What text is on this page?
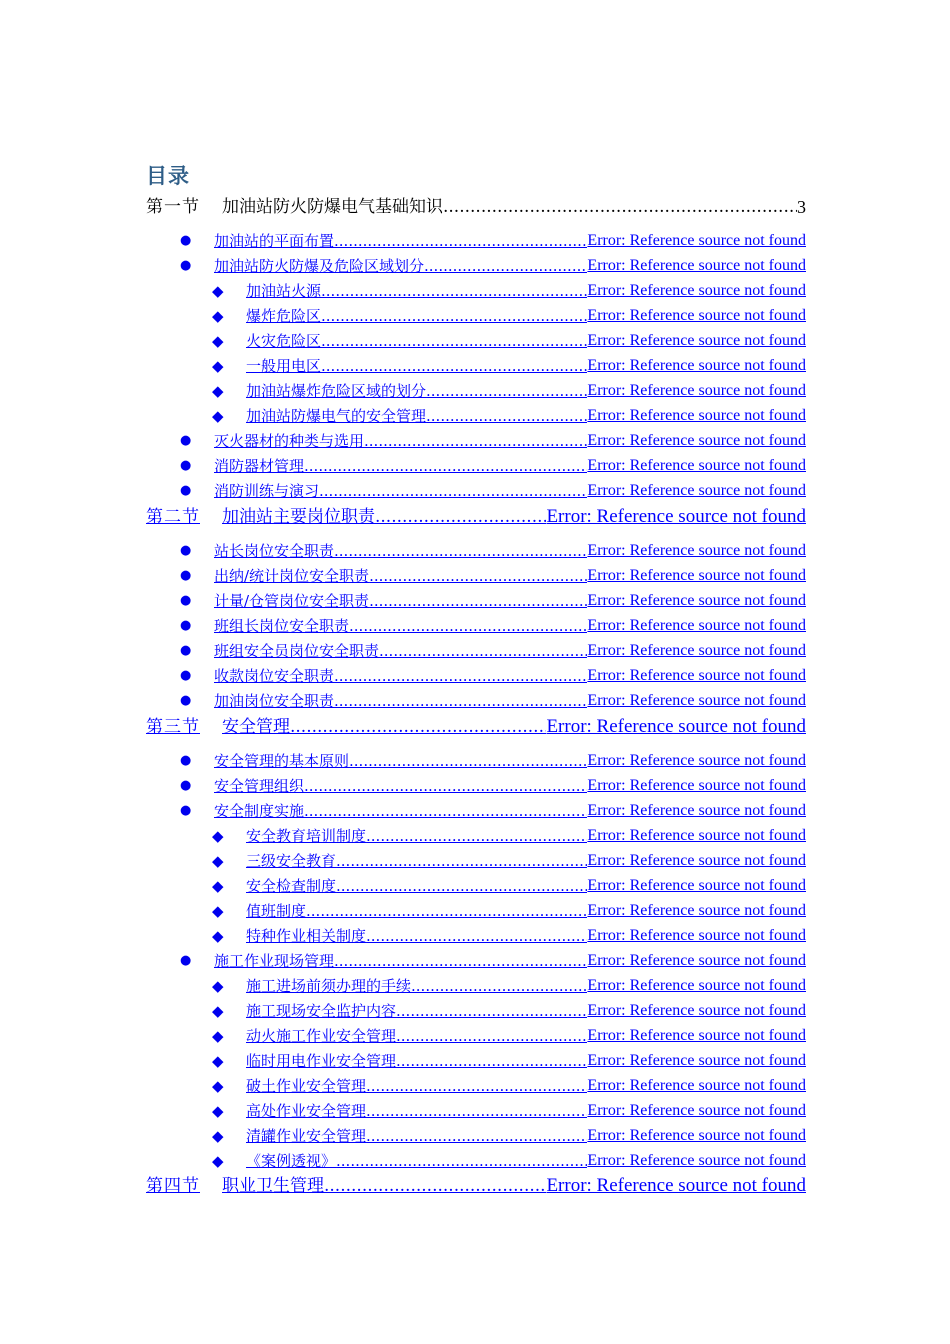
目录
第一节	加油站防火防爆电气基础知识 .....	3
●	加油站的平面布置 .....	Error: Reference source not found
●	加油站防火防爆及危险区域划分 .....	Error: Reference source not found
◆	加油站火源 .....	Error: Reference source not found
◆	爆炸危险区 .....	Error: Reference source not found
◆	火灾危险区 .....	Error: Reference source not found
◆	一般用电区 .....	Error: Reference source not found
◆	加油站爆炸危险区域的划分 .....	Error: Reference source not found
◆	加油站防爆电气的安全管理 .....	Error: Reference source not found
●	灭火器材的种类与选用 .....	Error: Reference source not found
●	消防器材管理 .....	Error: Reference source not found
●	消防训练与演习 .....	Error: Reference source not found
第二节	加油站主要岗位职责 .....	Error: Reference source not found
●	站长岗位安全职责 .....	Error: Reference source not found
●	出纳/统计岗位安全职责 .....	Error: Reference source not found
●	计量/仓管岗位安全职责 .....	Error: Reference source not found
●	班组长岗位安全职责 .....	Error: Reference source not found
●	班组安全员岗位安全职责 .....	Error: Reference source not found
●	收款岗位安全职责 .....	Error: Reference source not found
●	加油岗位安全职责 .....	Error: Reference source not found
第三节	安全管理 .....	Error: Reference source not found
●	安全管理的基本原则 .....	Error: Reference source not found
●	安全管理组织 .....	Error: Reference source not found
●	安全制度实施 .....	Error: Reference source not found
◆	安全教育培训制度 .....	Error: Reference source not found
◆	三级安全教育 .....	Error: Reference source not found
◆	安全检查制度 .....	Error: Reference source not found
◆	值班制度 .....	Error: Reference source not found
◆	特种作业相关制度 .....	Error: Reference source not found
●	施工作业现场管理 .....	Error: Reference source not found
◆	施工进场前须办理的手续 .....	Error: Reference source not found
◆	施工现场安全监护内容 .....	Error: Reference source not found
◆	动火施工作业安全管理 .....	Error: Reference source not found
◆	临时用电作业安全管理 .....	Error: Reference source not found
◆	破土作业安全管理 .....	Error: Reference source not found
◆	高处作业安全管理 .....	Error: Reference source not found
◆	清罐作业安全管理 .....	Error: Reference source not found
◆	《案例透视》 .....	Error: Reference source not found
第四节	职业卫生管理 .....	Error: Reference source not found
